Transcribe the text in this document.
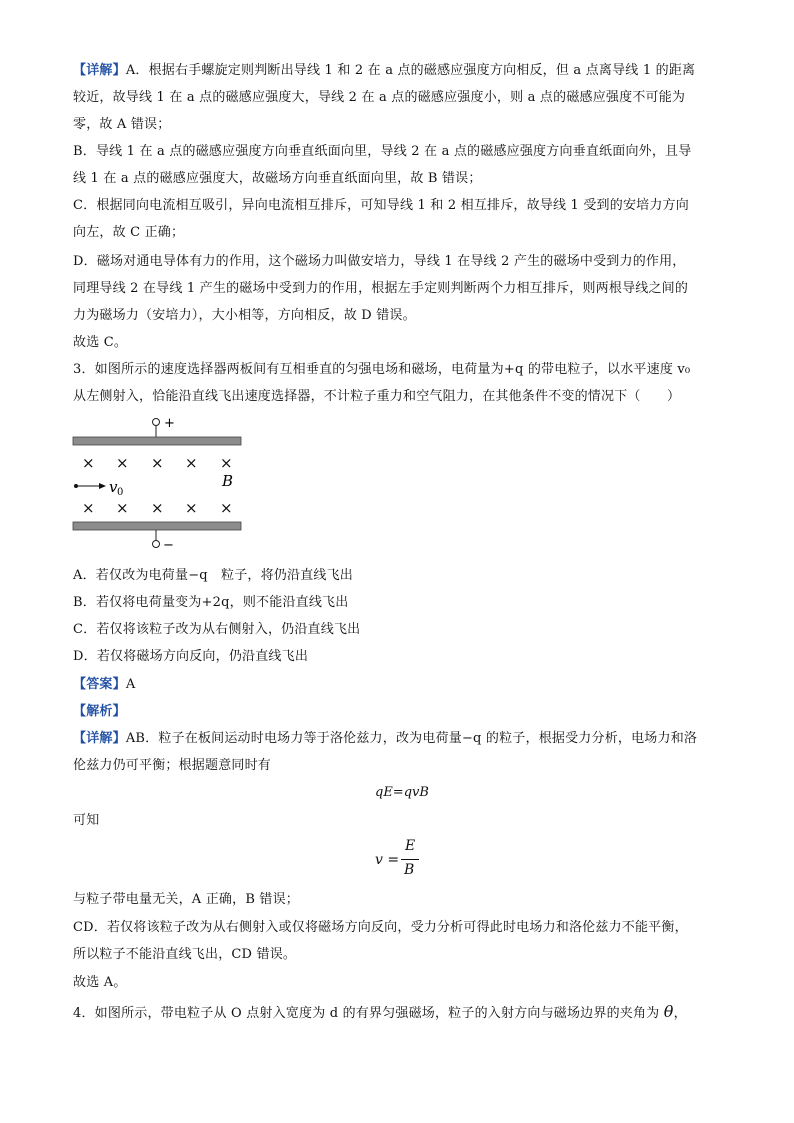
【详解】A．根据右手螺旋定则判断出导线 1 和 2 在 a 点的磁感应强度方向相反，但 a 点离导线 1 的距离
较近，故导线 1 在 a 点的磁感应强度大，导线 2 在 a 点的磁感应强度小，则 a 点的磁感应强度不可能为
零，故 A 错误；
B．导线 1 在 a 点的磁感应强度方向垂直纸面向里，导线 2 在 a 点的磁感应强度方向垂直纸面向外，且导
线 1 在 a 点的磁感应强度大，故磁场方向垂直纸面向里，故 B 错误；
C．根据同向电流相互吸引，异向电流相互排斥，可知导线 1 和 2 相互排斥，故导线 1 受到的安培力方向
向左，故 C 正确；
D．磁场对通电导体有力的作用，这个磁场力叫做安培力，导线 1 在导线 2 产生的磁场中受到力的作用，
同理导线 2 在导线 1 产生的磁场中受到力的作用，根据左手定则判断两个力相互排斥，则两根导线之间的
力为磁场力（安培力），大小相等，方向相反，故 D 错误。
故选 C。
3．如图所示的速度选择器两板间有互相垂直的匀强电场和磁场，电荷量为+q 的带电粒子，以水平速度 v₀
从左侧射入，恰能沿直线飞出速度选择器，不计粒子重力和空气阻力，在其他条件不变的情况下（　　）
+
× × × × ×
× × × × ×
v 0
B
−
A．若仅改为电荷量−q　粒子，将仍沿直线飞出
B．若仅将电荷量变为+2q，则不能沿直线飞出
C．若仅将该粒子改为从右侧射入，仍沿直线飞出
D．若仅将磁场方向反向，仍沿直线飞出
【答案】A
【解析】
【详解】AB．粒子在板间运动时电场力等于洛伦兹力，改为电荷量−q 的粒子，根据受力分析，电场力和洛
伦兹力仍可平衡；根据题意同时有
qE=qvB
可知
v =
E
B
与粒子带电量无关，A 正确，B 错误；
CD．若仅将该粒子改为从右侧射入或仅将磁场方向反向，受力分析可得此时电场力和洛伦兹力不能平衡，
所以粒子不能沿直线飞出，CD 错误。
故选 A。
4．如图所示，带电粒子从 O 点射入宽度为 d 的有界匀强磁场，粒子的入射方向与磁场边界的夹角为 θ，
